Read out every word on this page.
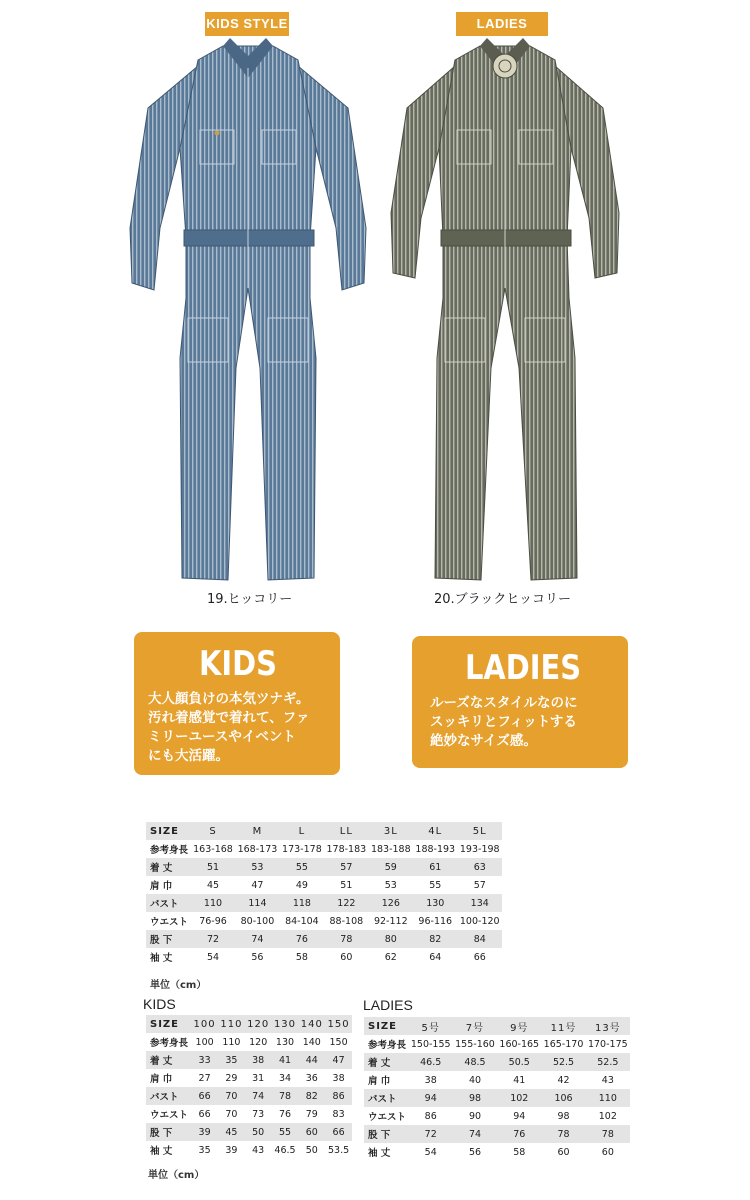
KIDS STYLE	LADIES
19.ヒッコリー	20.ブラックヒッコリー
KIDS
大人顔負けの本気ツナギ。
汚れ着感覚で着れて、ファ
ミリーユースやイベント
にも大活躍。
LADIES
ルーズなスタイルなのに
スッキリとフィットする
絶妙なサイズ感。
SIZE	S	M	L	LL	3L	4L	5L
参考身長	163-168	168-173	173-178	178-183	183-188	188-193	193-198
着 丈	51	53	55	57	59	61	63
肩 巾	45	47	49	51	53	55	57
バスト	110	114	118	122	126	130	134
ウエスト	76-96	80-100	84-104	88-108	92-112	96-116	100-120
股 下	72	74	76	78	80	82	84
袖 丈	54	56	58	60	62	64	66
単位（cm）
KIDS
SIZE	100	110	120	130	140	150
参考身長	100	110	120	130	140	150
着 丈	33	35	38	41	44	47
肩 巾	27	29	31	34	36	38
バスト	66	70	74	78	82	86
ウエスト	66	70	73	76	79	83
股 下	39	45	50	55	60	66
袖 丈	35	39	43	46.5	50	53.5
単位（cm）
LADIES
SIZE	5号	7号	9号	11号	13号
参考身長	150-155	155-160	160-165	165-170	170-175
着 丈	46.5	48.5	50.5	52.5	52.5
肩 巾	38	40	41	42	43
バスト	94	98	102	106	110
ウエスト	86	90	94	98	102
股 下	72	74	76	78	78
袖 丈	54	56	58	60	60
